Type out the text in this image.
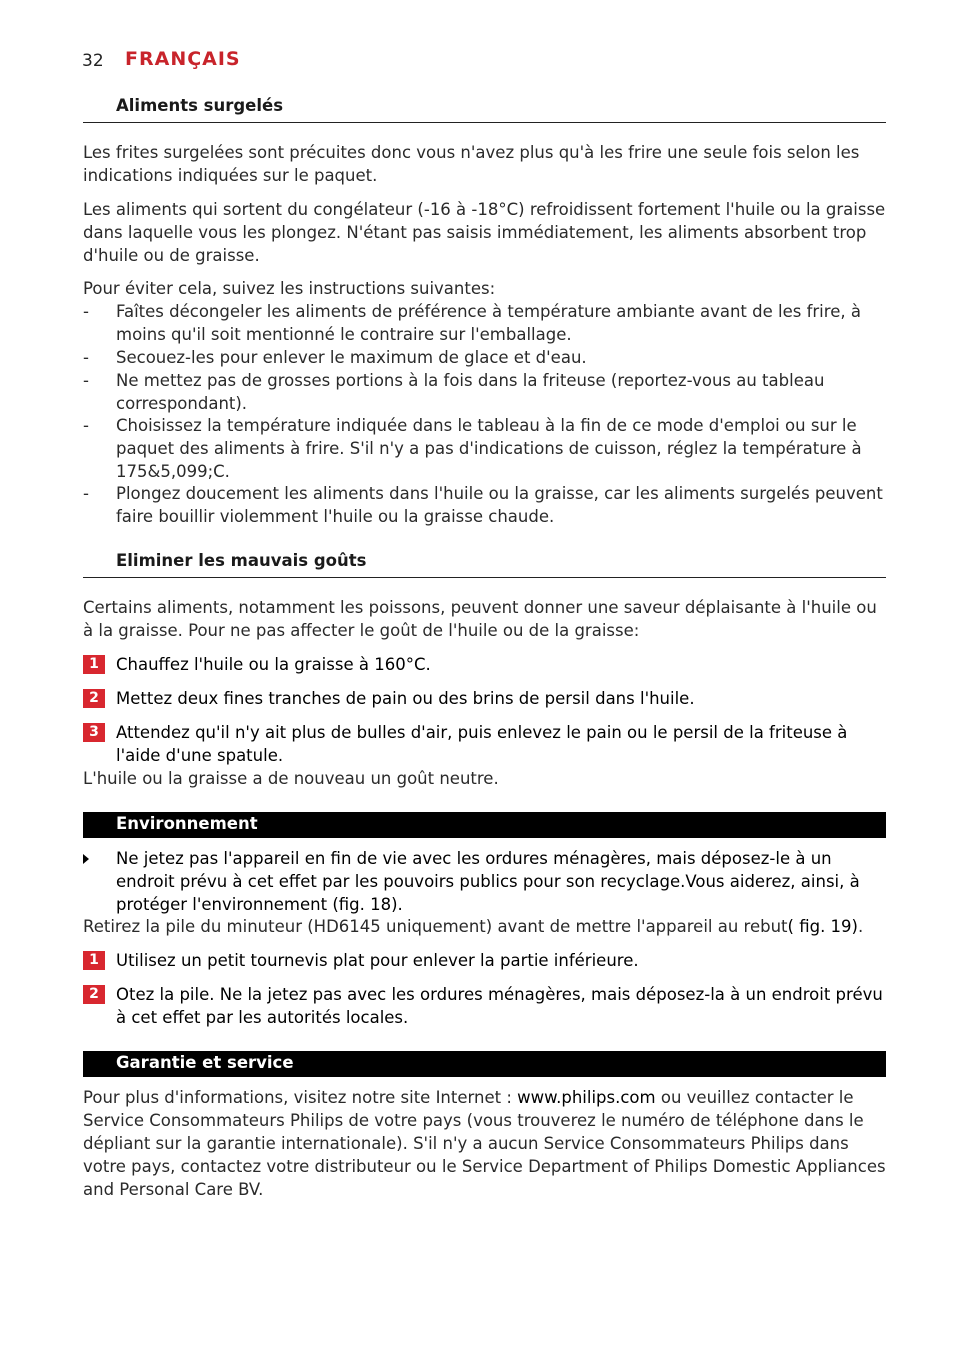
32 FRANÇAIS
Aliments surgelés
Les frites surgelées sont précuites donc vous n'avez plus qu'à les frire une seule fois selon les indications indiquées sur le paquet.
Les aliments qui sortent du congélateur (-16 à -18°C) refroidissent fortement l'huile ou la graisse dans laquelle vous les plongez. N'étant pas saisis immédiatement, les aliments absorbent trop d'huile ou de graisse.
Pour éviter cela, suivez les instructions suivantes:
- Faîtes décongeler les aliments de préférence à température ambiante avant de les frire, à moins qu'il soit mentionné le contraire sur l'emballage.
- Secouez-les pour enlever le maximum de glace et d'eau.
- Ne mettez pas de grosses portions à la fois dans la friteuse (reportez-vous au tableau correspondant).
- Choisissez la température indiquée dans le tableau à la fin de ce mode d'emploi ou sur le paquet des aliments à frire. S'il n'y a pas d'indications de cuisson, réglez la température à 175&5,099;C.
- Plongez doucement les aliments dans l'huile ou la graisse, car les aliments surgelés peuvent faire bouillir violemment l'huile ou la graisse chaude.
Eliminer les mauvais goûts
Certains aliments, notamment les poissons, peuvent donner une saveur déplaisante à l'huile ou à la graisse. Pour ne pas affecter le goût de l'huile ou de la graisse:
1	Chauffez l'huile ou la graisse à 160°C.
2	Mettez deux fines tranches de pain ou des brins de persil dans l'huile.
3	Attendez qu'il n'y ait plus de bulles d'air, puis enlevez le pain ou le persil de la friteuse à l'aide d'une spatule.
L'huile ou la graisse a de nouveau un goût neutre.
Environnement
Ne jetez pas l'appareil en fin de vie avec les ordures ménagères, mais déposez-le à un endroit prévu à cet effet par les pouvoirs publics pour son recyclage.Vous aiderez, ainsi, à protéger l'environnement (fig. 18).
Retirez la pile du minuteur (HD6145 uniquement) avant de mettre l'appareil au rebut( fig. 19).
1	Utilisez un petit tournevis plat pour enlever la partie inférieure.
2	Otez la pile. Ne la jetez pas avec les ordures ménagères, mais déposez-la à un endroit prévu à cet effet par les autorités locales.
Garantie et service
Pour plus d'informations, visitez notre site Internet : www.philips.com ou veuillez contacter le Service Consommateurs Philips de votre pays (vous trouverez le numéro de téléphone dans le dépliant sur la garantie internationale). S'il n'y a aucun Service Consommateurs Philips dans votre pays, contactez votre distributeur ou le Service Department of Philips Domestic Appliances and Personal Care BV.
